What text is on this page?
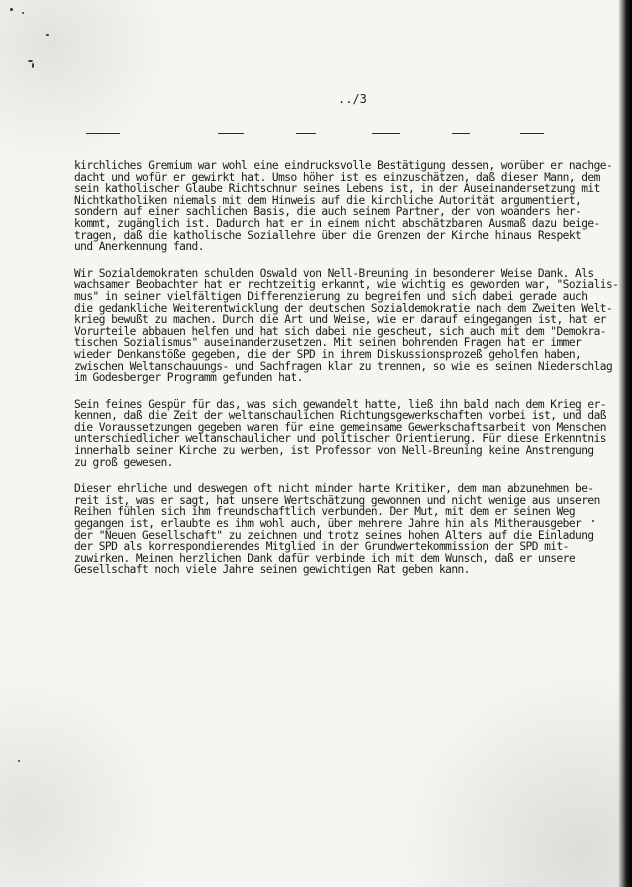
../3
kirchliches Gremium war wohl eine eindrucksvolle Bestätigung dessen, worüber er nachge-
dacht und wofür er gewirkt hat. Umso höher ist es einzuschätzen, daß dieser Mann, dem
sein katholischer Glaube Richtschnur seines Lebens ist, in der Auseinandersetzung mit
Nichtkatholiken niemals mit dem Hinweis auf die kirchliche Autorität argumentiert,
sondern auf einer sachlichen Basis, die auch seinem Partner, der von woanders her-
kommt, zugänglich ist. Dadurch hat er in einem nicht abschätzbaren Ausmaß dazu beige-
tragen, daß die katholische Soziallehre über die Grenzen der Kirche hinaus Respekt
und Anerkennung fand.
Wir Sozialdemokraten schulden Oswald von Nell-Breuning in besonderer Weise Dank. Als
wachsamer Beobachter hat er rechtzeitig erkannt, wie wichtig es geworden war, "Sozialis-
mus" in seiner vielfältigen Differenzierung zu begreifen und sich dabei gerade auch
die gedankliche Weiterentwicklung der deutschen Sozialdemokratie nach dem Zweiten Welt-
krieg bewußt zu machen. Durch die Art und Weise, wie er darauf eingegangen ist, hat er
Vorurteile abbauen helfen und hat sich dabei nie gescheut, sich auch mit dem "Demokra-
tischen Sozialismus" auseinanderzusetzen. Mit seinen bohrenden Fragen hat er immer
wieder Denkanstöße gegeben, die der SPD in ihrem Diskussionsprozeß geholfen haben,
zwischen Weltanschauungs- und Sachfragen klar zu trennen, so wie es seinen Niederschlag
im Godesberger Programm gefunden hat.
Sein feines Gespür für das, was sich gewandelt hatte, ließ ihn bald nach dem Krieg er-
kennen, daß die Zeit der weltanschaulichen Richtungsgewerkschaften vorbei ist, und daß
die Voraussetzungen gegeben waren für eine gemeinsame Gewerkschaftsarbeit von Menschen
unterschiedlicher weltanschaulicher und politischer Orientierung. Für diese Erkenntnis
innerhalb seiner Kirche zu werben, ist Professor von Nell-Breuning keine Anstrengung
zu groß gewesen.
Dieser ehrliche und deswegen oft nicht minder harte Kritiker, dem man abzunehmen be-
reit ist, was er sagt, hat unsere Wertschätzung gewonnen und nicht wenige aus unseren
Reihen fühlen sich ihm freundschaftlich verbunden. Der Mut, mit dem er seinen Weg
gegangen ist, erlaubte es ihm wohl auch, über mehrere Jahre hin als Mitherausgeber
der "Neuen Gesellschaft" zu zeichnen und trotz seines hohen Alters auf die Einladung
der SPD als korrespondierendes Mitglied in der Grundwertekommission der SPD mit-
zuwirken. Meinen herzlichen Dank dafür verbinde ich mit dem Wunsch, daß er unsere
Gesellschaft noch viele Jahre seinen gewichtigen Rat geben kann.
